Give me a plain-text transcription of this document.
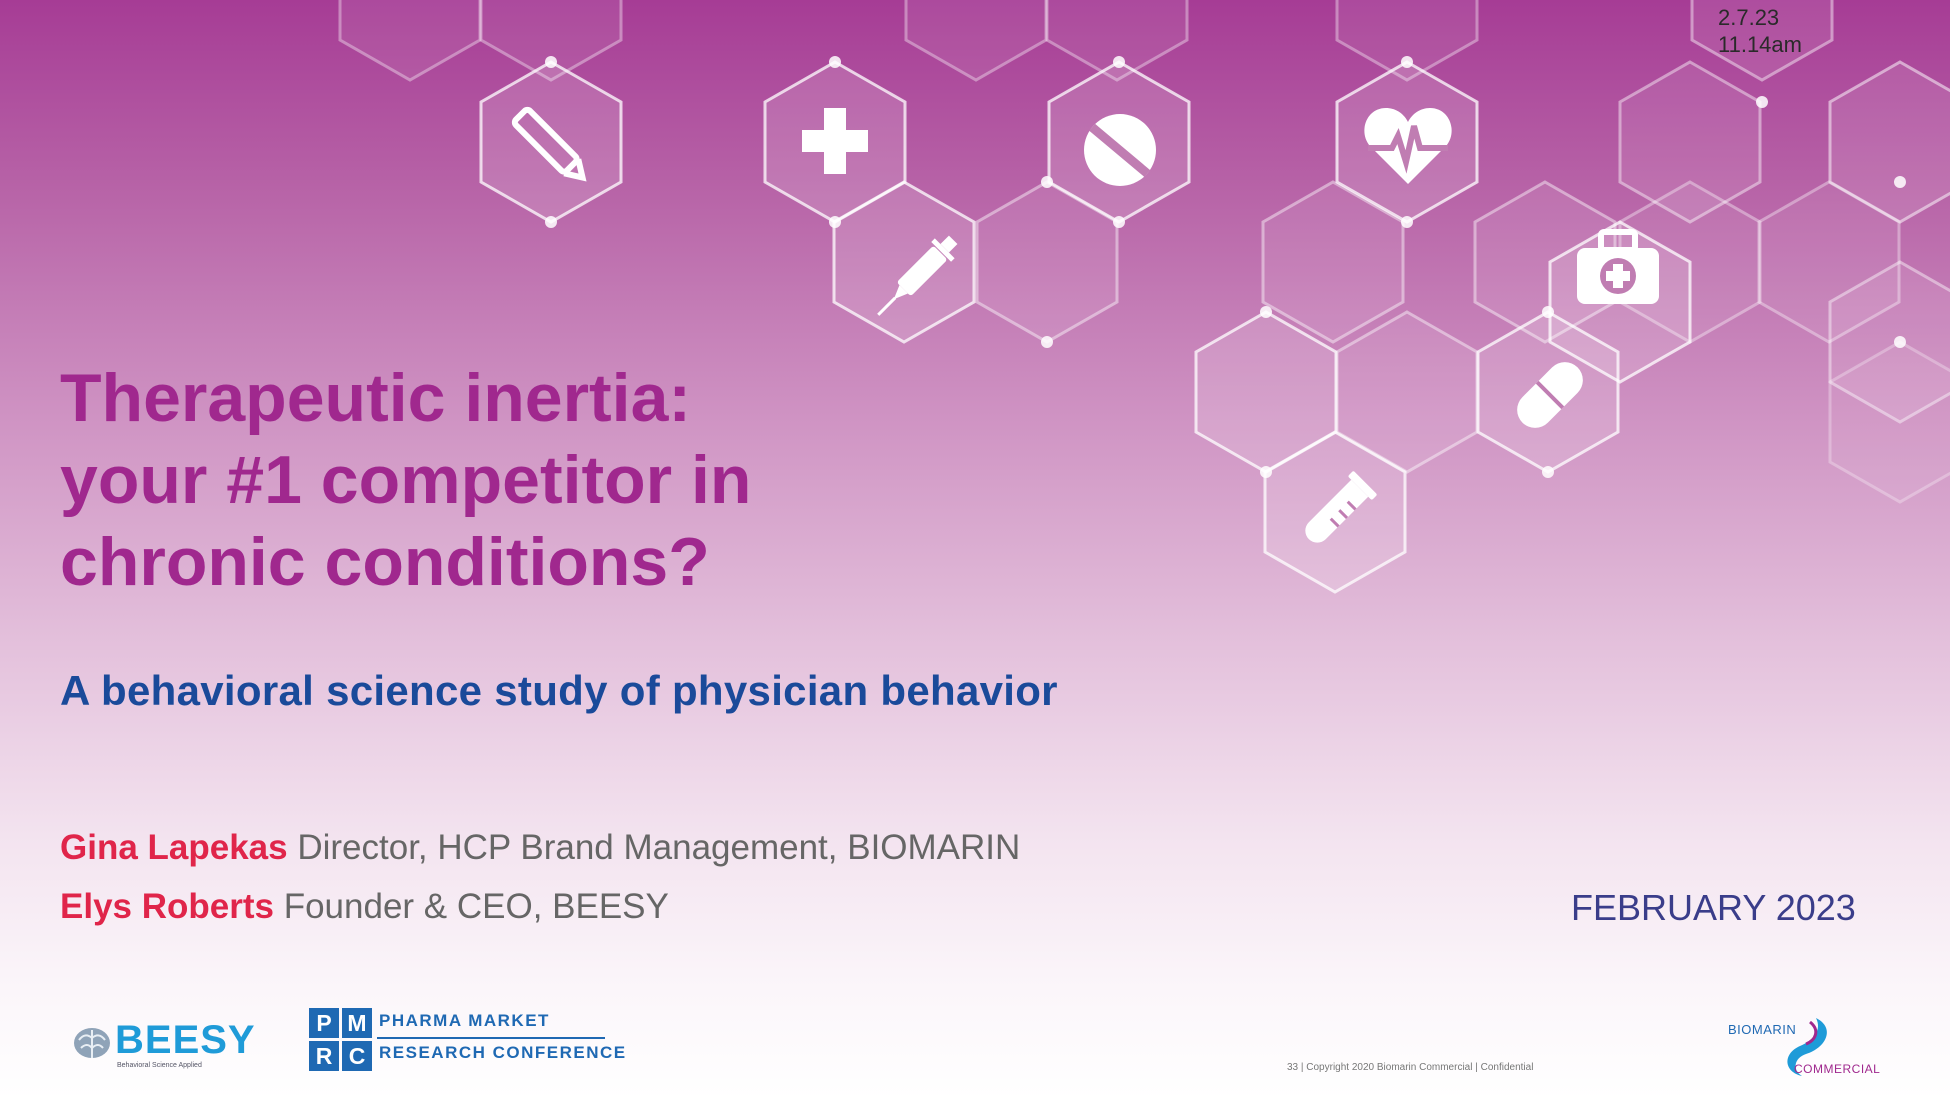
2.7.23
11.14am
Therapeutic inertia:
your #1 competitor in
chronic conditions?
A behavioral science study of physician behavior
Gina Lapekas Director, HCP Brand Management, BIOMARIN
Elys Roberts Founder & CEO, BEESY	FEBRUARY 2023
BEESY
Behavioral Science Applied
P M
R C
PHARMA MARKET
RESEARCH CONFERENCE
33 | Copyright 2020 Biomarin Commercial | Confidential
BIOMARIN
COMMERCIAL
